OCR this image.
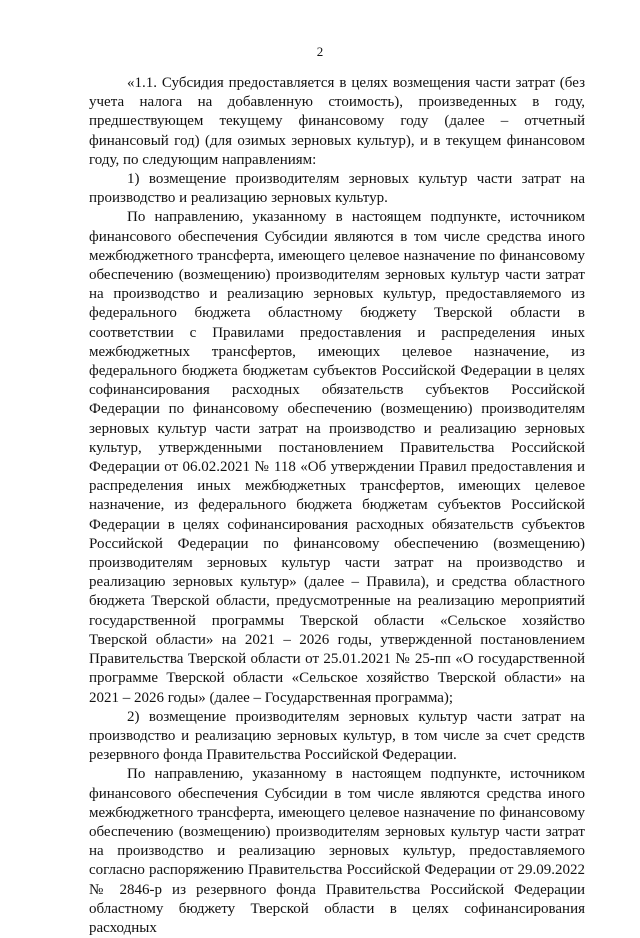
2

«1.1. Субсидия предоставляется в целях возмещения части затрат (без учета налога на добавленную стоимость), произведенных в году, предшествующем текущему финансовому году (далее – отчетный финансовый год) (для озимых зерновых культур), и в текущем финансовом году, по следующим направлениям:

1) возмещение производителям зерновых культур части затрат на производство и реализацию зерновых культур.

По направлению, указанному в настоящем подпункте, источником финансового обеспечения Субсидии являются в том числе средства иного межбюджетного трансферта, имеющего целевое назначение по финансовому обеспечению (возмещению) производителям зерновых культур части затрат на производство и реализацию зерновых культур, предоставляемого из федерального бюджета областному бюджету Тверской области в соответствии с Правилами предоставления и распределения иных межбюджетных трансфертов, имеющих целевое назначение, из федерального бюджета бюджетам субъектов Российской Федерации в целях софинансирования расходных обязательств субъектов Российской Федерации по финансовому обеспечению (возмещению) производителям зерновых культур части затрат на производство и реализацию зерновых культур, утвержденными постановлением Правительства Российской Федерации от 06.02.2021 № 118 «Об утверждении Правил предоставления и распределения иных межбюджетных трансфертов, имеющих целевое назначение, из федерального бюджета бюджетам субъектов Российской Федерации в целях софинансирования расходных обязательств субъектов Российской Федерации по финансовому обеспечению (возмещению) производителям зерновых культур части затрат на производство и реализацию зерновых культур» (далее – Правила), и средства областного бюджета Тверской области, предусмотренные на реализацию мероприятий государственной программы Тверской области «Сельское хозяйство Тверской области» на 2021 – 2026 годы, утвержденной постановлением Правительства Тверской области от 25.01.2021 № 25-пп «О государственной программе Тверской области «Сельское хозяйство Тверской области» на 2021 – 2026 годы» (далее – Государственная программа);

2) возмещение производителям зерновых культур части затрат на производство и реализацию зерновых культур, в том числе за счет средств резервного фонда Правительства Российской Федерации.

По направлению, указанному в настоящем подпункте, источником финансового обеспечения Субсидии в том числе являются средства иного межбюджетного трансферта, имеющего целевое назначение по финансовому обеспечению (возмещению) производителям зерновых культур части затрат на производство и реализацию зерновых культур, предоставляемого согласно распоряжению Правительства Российской Федерации от 29.09.2022 № 2846-р из резервного фонда Правительства Российской Федерации областному бюджету Тверской области в целях софинансирования расходных
